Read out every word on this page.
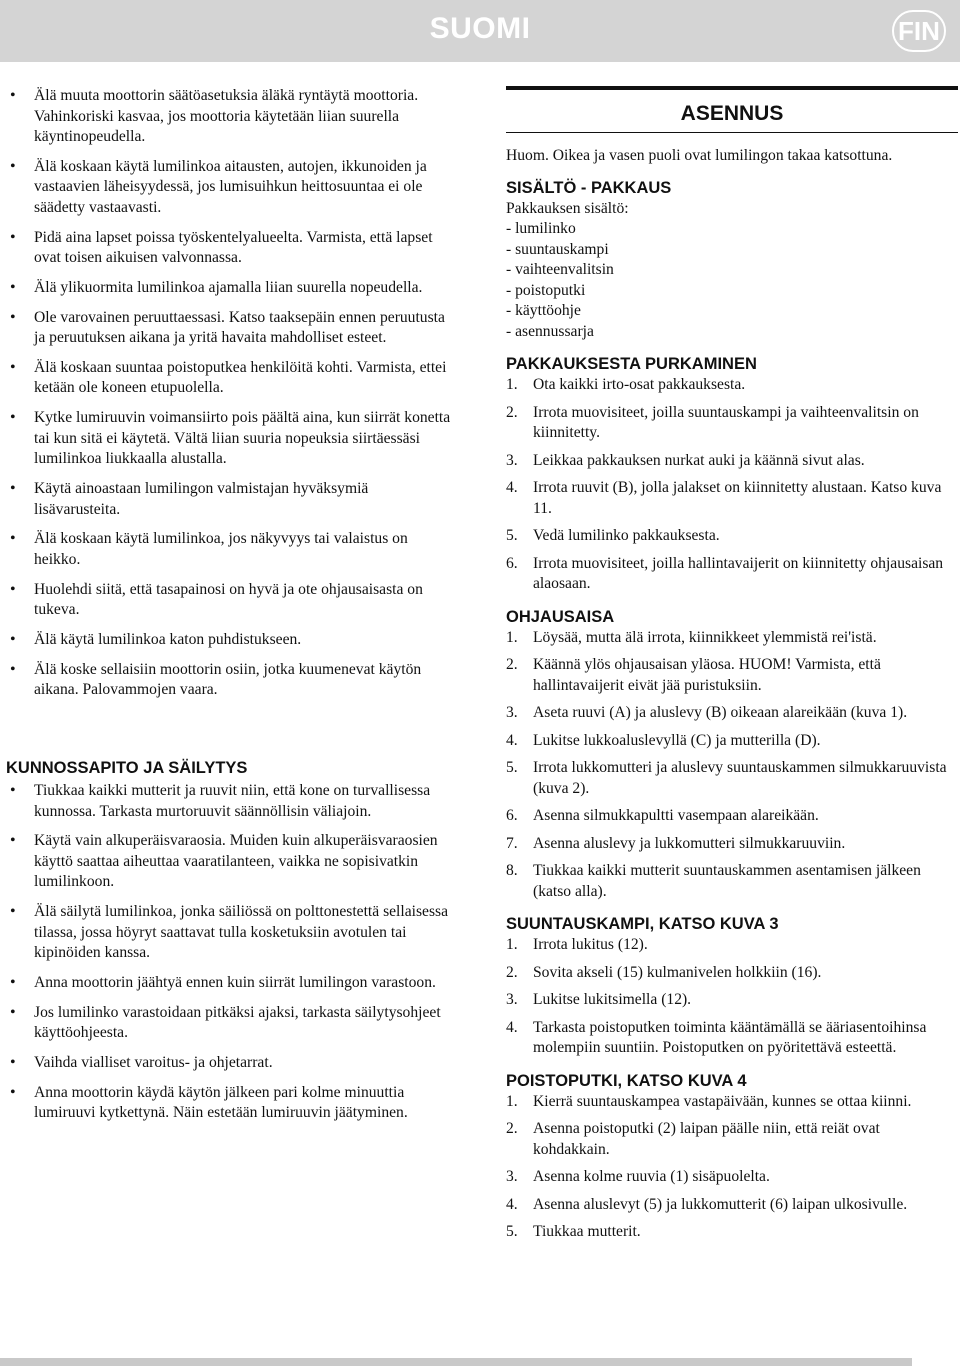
SUOMI	FIN
• Älä muuta moottorin säätöasetuksia äläkä ryntäytä moottoria. Vahinkoriski kasvaa, jos moottoria käytetään liian suurella käyntinopeudella.
• Älä koskaan käytä lumilinkoa aitausten, autojen, ikkunoiden ja vastaavien läheisyydessä, jos lumisuihkun heittosuuntaa ei ole säädetty vastaavasti.
• Pidä aina lapset poissa työskentelyalueelta. Varmista, että lapset ovat toisen aikuisen valvonnassa.
• Älä ylikuormita lumilinkoa ajamalla liian suurella nopeudella.
• Ole varovainen peruuttaessasi. Katso taaksepäin ennen peruutusta ja peruutuksen aikana ja yritä havaita mahdolliset esteet.
• Älä koskaan suuntaa poistoputkea henkilöitä kohti. Varmista, ettei ketään ole koneen etupuolella.
• Kytke lumiruuvin voimansiirto pois päältä aina, kun siirrät konetta tai kun sitä ei käytetä. Vältä liian suuria nopeuksia siirtäessäsi lumilinkoa liukkaalla alustalla.
• Käytä ainoastaan lumilingon valmistajan hyväksymiä lisävarusteita.
• Älä koskaan käytä lumilinkoa, jos näkyvyys tai valaistus on heikko.
• Huolehdi siitä, että tasapainosi on hyvä ja ote ohjausaisasta on tukeva.
• Älä käytä lumilinkoa katon puhdistukseen.
• Älä koske sellaisiin moottorin osiin, jotka kuumenevat käytön aikana. Palovammojen vaara.
KUNNOSSAPITO JA SÄILYTYS
• Tiukkaa kaikki mutterit ja ruuvit niin, että kone on turvallisessa kunnossa. Tarkasta murtoruuvit säännöllisin väliajoin.
• Käytä vain alkuperäisvaraosia. Muiden kuin alkuperäisvaraosien käyttö saattaa aiheuttaa vaaratilanteen, vaikka ne sopisivatkin lumilinkoon.
• Älä säilytä lumilinkoa, jonka säiliössä on polttonestettä sellaisessa tilassa, jossa höyryt saattavat tulla kosketuksiin avotulen tai kipinöiden kanssa.
• Anna moottorin jäähtyä ennen kuin siirrät lumilingon varastoon.
• Jos lumilinko varastoidaan pitkäksi ajaksi, tarkasta säilytysohjeet käyttöohjeesta.
• Vaihda vialliset varoitus- ja ohjetarrat.
• Anna moottorin käydä käytön jälkeen pari kolme minuuttia lumiruuvi kytkettynä. Näin estetään lumiruuvin jäätyminen.
ASENNUS

Huom. Oikea ja vasen puoli ovat lumilingon takaa katsottuna.

SISÄLTÖ - PAKKAUS
Pakkauksen sisältö:
- lumilinko
- suuntauskampi
- vaihteenvalitsin
- poistoputki
- käyttöohje
- asennussarja
PAKKAUKSESTA PURKAMINEN
1. Ota kaikki irto-osat pakkauksesta.
2. Irrota muovisiteet, joilla suuntauskampi ja vaihteenvalitsin on kiinnitetty.
3. Leikkaa pakkauksen nurkat auki ja käännä sivut alas.
4. Irrota ruuvit (B), jolla jalakset on kiinnitetty alustaan. Katso kuva 11.
5. Vedä lumilinko pakkauksesta.
6. Irrota muovisiteet, joilla hallintavaijerit on kiinnitetty ohjausaisan alaosaan.
OHJAUSAISA
1. Löysää, mutta älä irrota, kiinnikkeet ylemmistä rei'istä.
2. Käännä ylös ohjausaisan yläosa. HUOM! Varmista, että hallintavaijerit eivät jää puristuksiin.
3. Aseta ruuvi (A) ja aluslevy (B) oikeaan alareikään (kuva 1).
4. Lukitse lukkoaluslevyllä (C) ja mutterilla (D).
5. Irrota lukkomutteri ja aluslevy suuntauskammen silmukkaruuvista (kuva 2).
6. Asenna silmukkapultti vasempaan alareikään.
7. Asenna aluslevy ja lukkomutteri silmukkaruuviin.
8. Tiukkaa kaikki mutterit suuntauskammen asentamisen jälkeen (katso alla).
SUUNTAUSKAMPI, KATSO KUVA 3
1. Irrota lukitus (12).
2. Sovita akseli (15) kulmanivelen holkkiin (16).
3. Lukitse lukitsimella (12).
4. Tarkasta poistoputken toiminta kääntämällä se ääriasentoihinsa molempiin suuntiin. Poistoputken on pyöritettävä esteettä.
POISTOPUTKI, KATSO KUVA 4
1. Kierrä suuntauskampea vastapäivään, kunnes se ottaa kiinni.
2. Asenna poistoputki (2) laipan päälle niin, että reiät ovat kohdakkain.
3. Asenna kolme ruuvia (1) sisäpuolelta.
4. Asenna aluslevyt (5) ja lukkomutterit (6) laipan ulkosivulle.
5. Tiukkaa mutterit.
